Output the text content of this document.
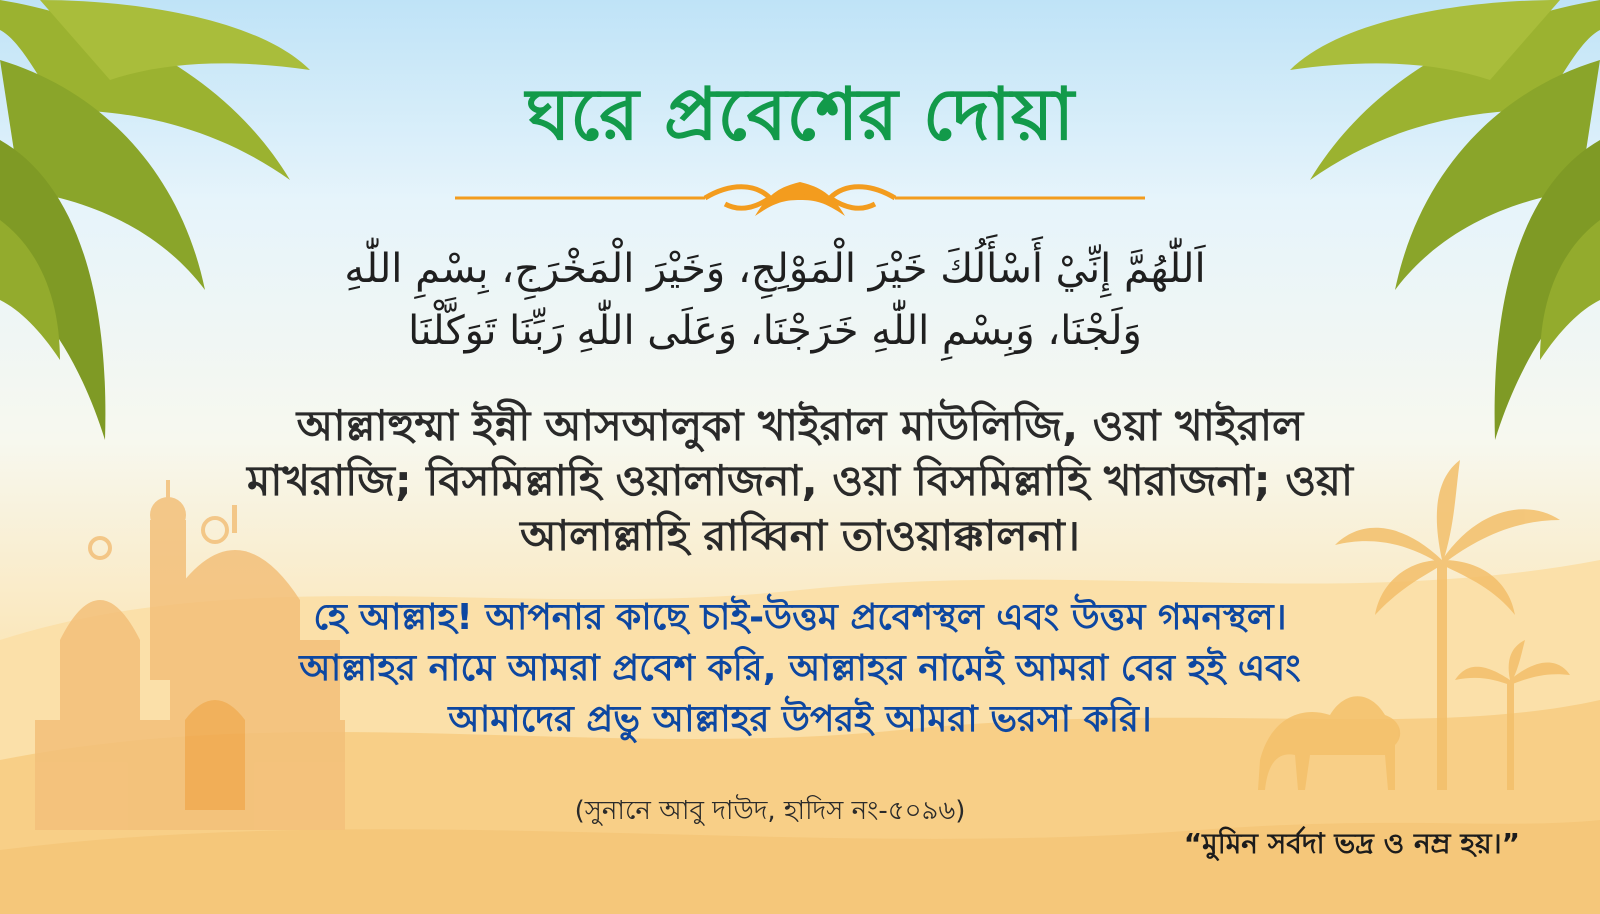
ঘরে প্রবেশের দোয়া
اَللّٰهُمَّ إِنِّيْ أَسْأَلُكَ خَيْرَ الْمَوْلِجِ، وَخَيْرَ الْمَخْرَجِ، بِسْمِ اللّٰهِ
وَلَجْنَا، وَبِسْمِ اللّٰهِ خَرَجْنَا، وَعَلَى اللّٰهِ رَبِّنَا تَوَكَّلْنَا
আল্লাহুম্মা ইন্নী আসআলুকা খাইরাল মাউলিজি, ওয়া খাইরাল
মাখরাজি; বিসমিল্লাহি ওয়ালাজনা, ওয়া বিসমিল্লাহি খারাজনা; ওয়া
আলাল্লাহি রাব্বিনা তাওয়াক্কালনা।
হে আল্লাহ! আপনার কাছে চাই-উত্তম প্রবেশস্থল এবং উত্তম গমনস্থল।
আল্লাহর নামে আমরা প্রবেশ করি, আল্লাহর নামেই আমরা বের হই এবং
আমাদের প্রভু আল্লাহর উপরই আমরা ভরসা করি।
(সুনানে আবু দাউদ, হাদিস নং-৫০৯৬)
“মুমিন সর্বদা ভদ্র ও নম্র হয়।”
